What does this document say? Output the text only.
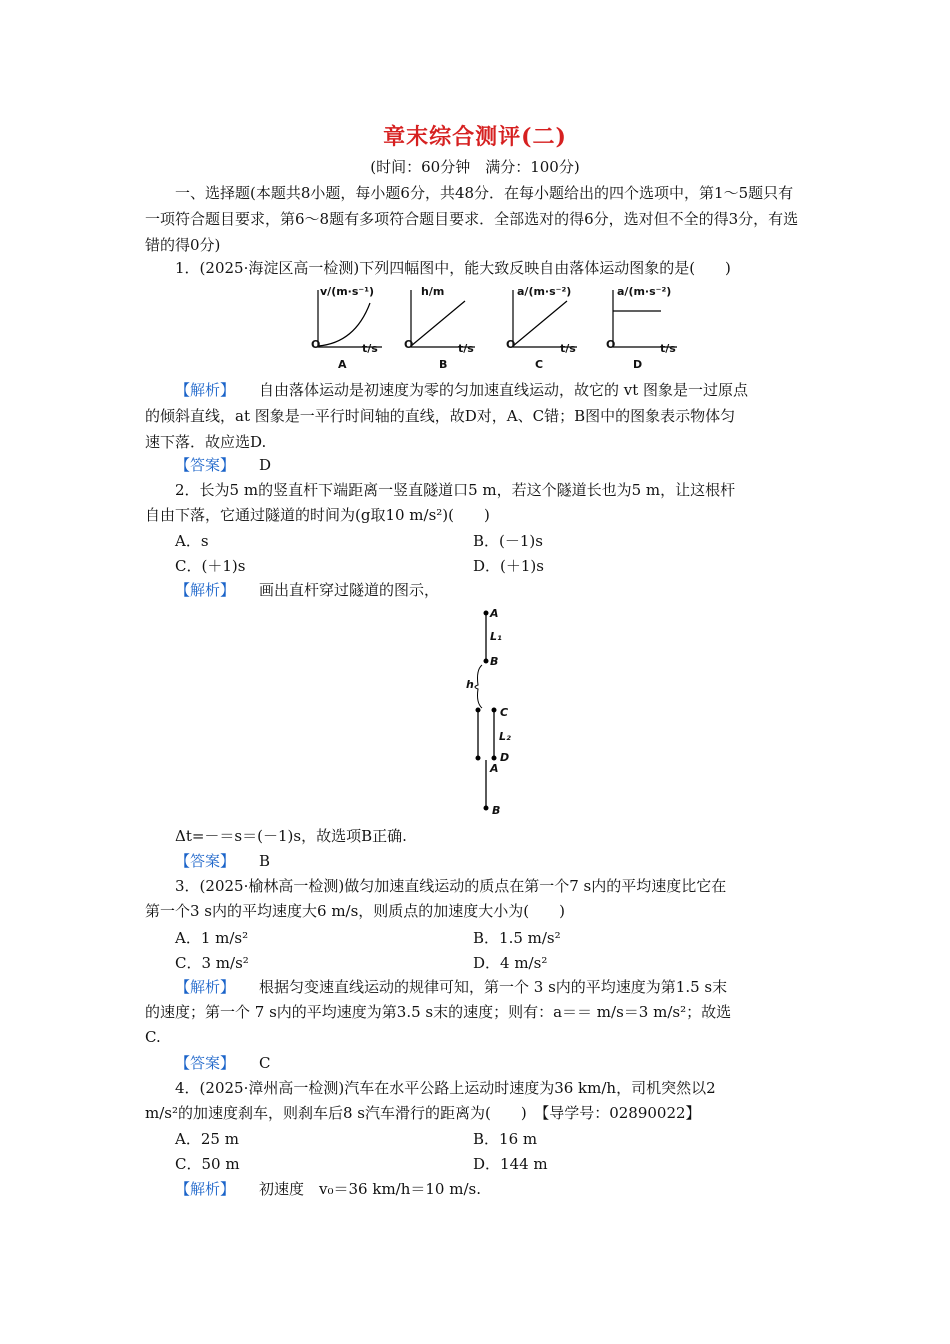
章末综合测评(二)
(时间：60分钟　满分：100分)
一、选择题(本题共8小题，每小题6分，共48分．在每小题给出的四个选项中，第1～5题只有一项符合题目要求，第6～8题有多项符合题目要求．全部选对的得6分，选对但不全的得3分，有选错的得0分)
1．(2025·海淀区高一检测)下列四幅图中，能大致反映自由落体运动图象的是(　　)
v/(m·s⁻¹)
t/s
O
A
h/m
t/s
O
B
a/(m·s⁻²)
t/s
O
C
a/(m·s⁻²)
t/s
O
D
【解析】 自由落体运动是初速度为零的匀加速直线运动，故它的 vt 图象是一过原点
的倾斜直线，at 图象是一平行时间轴的直线，故D对，A、C错；B图中的图象表示物体匀
速下落．故应选D.
【答案】 D
2．长为5 m的竖直杆下端距离一竖直隧道口5 m，若这个隧道长也为5 m，让这根杆
自由下落，它通过隧道的时间为(g取10 m/s²)(　　)
A．s	B．(－1)s
C．(＋1)s	D．(＋1)s
【解析】 画出直杆穿过隧道的图示，
A
L₁
B
h
C
L₂
D
A
B
Δt=－＝s＝(－1)s，故选项B正确.
【答案】 B
3．(2025·榆林高一检测)做匀加速直线运动的质点在第一个7 s内的平均速度比它在
第一个3 s内的平均速度大6 m/s，则质点的加速度大小为(　　)
A．1 m/s²	B．1.5 m/s²
C．3 m/s²	D．4 m/s²
【解析】 根据匀变速直线运动的规律可知，第一个 3 s内的平均速度为第1.5 s末
的速度；第一个 7 s内的平均速度为第3.5 s末的速度；则有：a＝＝ m/s＝3 m/s²；故选
C.
【答案】 C
4．(2025·漳州高一检测)汽车在水平公路上运动时速度为36 km/h，司机突然以2
m/s²的加速度刹车，则刹车后8 s汽车滑行的距离为(　　)　【导学号：02890022】
A．25 m	B．16 m
C．50 m	D．144 m
【解析】 初速度　v₀＝36 km/h＝10 m/s.
